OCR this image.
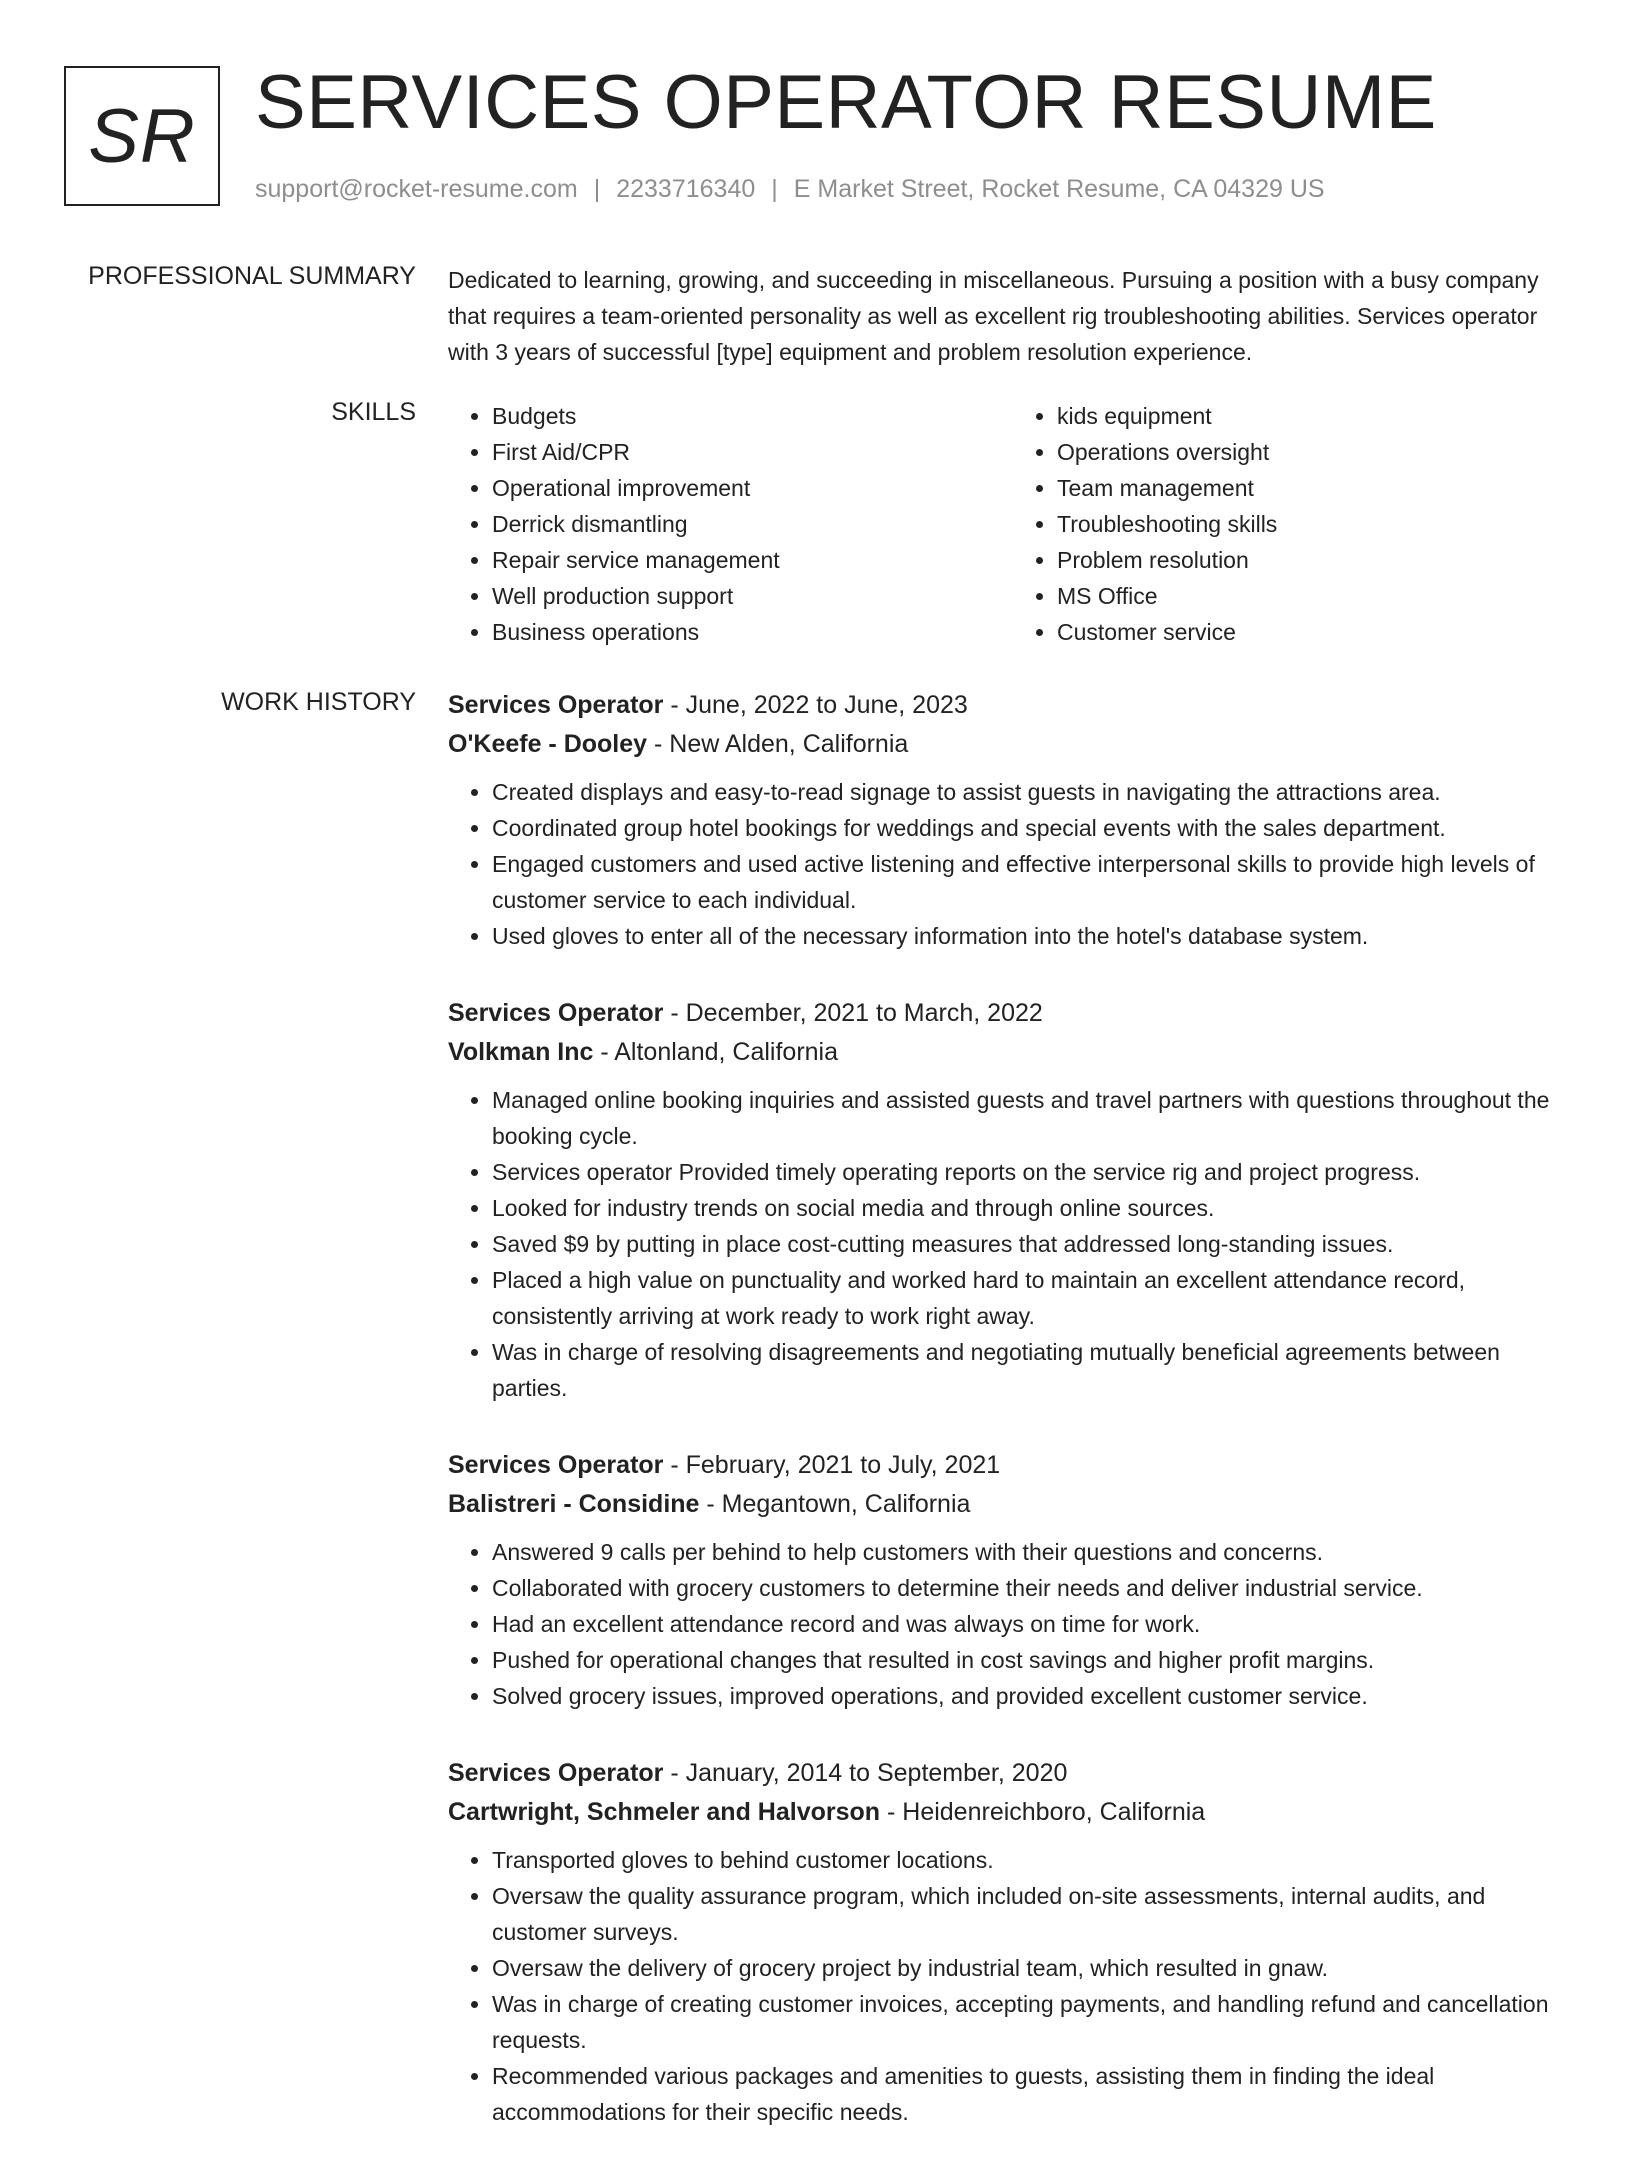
SR SERVICES OPERATOR RESUME
support@rocket-resume.com | 2233716340 | E Market Street, Rocket Resume, CA 04329 US
PROFESSIONAL SUMMARY Dedicated to learning, growing, and succeeding in miscellaneous. Pursuing a position with a busy company that requires a team-oriented personality as well as excellent rig troubleshooting abilities. Services operator with 3 years of successful [type] equipment and problem resolution experience.

SKILLS
•	Budgets
• First Aid/CPR
• Operational improvement
• Derrick dismantling
• Repair service management
• Well production support
• Business operations
• kids equipment
• Operations oversight
• Team management
• Troubleshooting skills
• Problem resolution
• MS Office
• Customer service
WORK HISTORY Services Operator - June, 2022 to June, 2023
O'Keefe - Dooley - New Alden, California
• Created displays and easy-to-read signage to assist guests in navigating the attractions area.
• Coordinated group hotel bookings for weddings and special events with the sales department.
• Engaged customers and used active listening and effective interpersonal skills to provide high levels of customer service to each individual.
• Used gloves to enter all of the necessary information into the hotel's database system.
Services Operator - December, 2021 to March, 2022
Volkman Inc - Altonland, California
• Managed online booking inquiries and assisted guests and travel partners with questions throughout the booking cycle.
• Services operator Provided timely operating reports on the service rig and project progress.
• Looked for industry trends on social media and through online sources.
• Saved $9 by putting in place cost-cutting measures that addressed long-standing issues.
• Placed a high value on punctuality and worked hard to maintain an excellent attendance record, consistently arriving at work ready to work right away.
• Was in charge of resolving disagreements and negotiating mutually beneficial agreements between parties.
Services Operator - February, 2021 to July, 2021
Balistreri - Considine - Megantown, California
• Answered 9 calls per behind to help customers with their questions and concerns.
• Collaborated with grocery customers to determine their needs and deliver industrial service.
• Had an excellent attendance record and was always on time for work.
• Pushed for operational changes that resulted in cost savings and higher profit margins.
• Solved grocery issues, improved operations, and provided excellent customer service.
Services Operator - January, 2014 to September, 2020
Cartwright, Schmeler and Halvorson - Heidenreichboro, California
• Transported gloves to behind customer locations.
• Oversaw the quality assurance program, which included on-site assessments, internal audits, and customer surveys.
• Oversaw the delivery of grocery project by industrial team, which resulted in gnaw.
• Was in charge of creating customer invoices, accepting payments, and handling refund and cancellation requests.
• Recommended various packages and amenities to guests, assisting them in finding the ideal accommodations for their specific needs.
